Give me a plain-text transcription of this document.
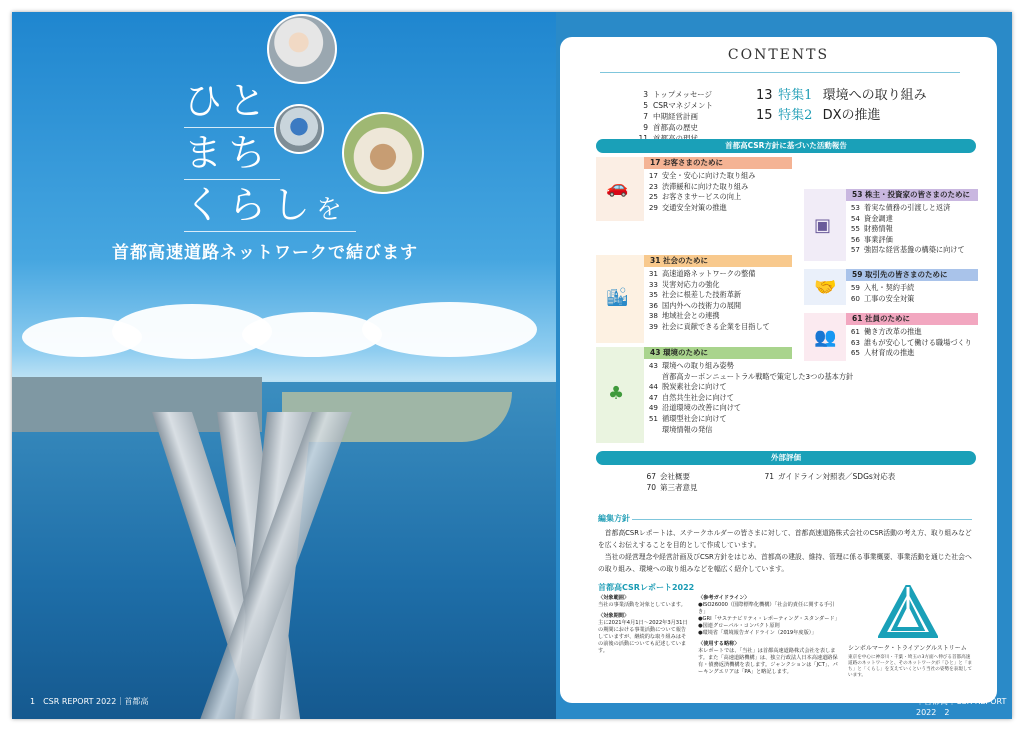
ひと
まち
くらしを
首都高速道路ネットワークで結びます
1　CSR REPORT 2022｜首都高
CONTENTS
3 トップメッセージ
5 CSRマネジメント
7 中期経営計画
9 首都高の歴史
13 特集1 環境への取り組み
15 特集2 DXの推進
首都高CSR方針に基づいた活動報告
🚗
17 お客さまのために
17 安全・安心に向けた取り組み
23 渋滞緩和に向けた取り組み
25 お客さまサービスの向上
29 交通安全対策の推進
🏙
31 社会のために
31 高速道路ネットワークの整備
33 災害対応力の強化
35 社会に根差した技術革新
36 国内外への技術力の展開
38 地域社会との連携
39 社会に貢献できる企業を目指して
♣
43 環境のために
43 環境への取り組み姿勢
首都高カーボンニュートラル戦略で策定した3つの基本方針
44 脱炭素社会に向けて
47 自然共生社会に向けて
49 沿道環境の改善に向けて
51 循環型社会に向けて
環境情報の発信
▣
53 株主・投資家の皆さまのために
53 着実な債務の引渡しと返済
54 資金調達
55 財務情報
56 事業評価
57 強固な経営基盤の構築に向けて
🤝
59 取引先の皆さまのために
59 入札・契約手続
60 工事の安全対策
👥
61 社員のために
61 働き方改革の推進
63 誰もが安心して働ける職場づくり
65 人材育成の推進
外部評価
67 会社概要
70 第三者意見
71 ガイドライン対照表／SDGs対応表
編集方針
首都高CSRレポートは、ステークホルダーの皆さまに対して、首都高速道路株式会社のCSR活動の考え方、取り組みなどを広くお伝えすることを目的として作成しています。
当社の経営理念や経営計画及びCSR方針をはじめ、首都高の建設、維持、管理に係る事業概要、事業活動を通じた社会への取り組み、環境への取り組みなどを幅広く紹介しています。
首都高CSRレポート2022
〈対象範囲〉
当社の事業活動を対象としています。
〈対象期間〉
主に2021年4月1日～2022年3月31日の期間における事業活動について報告していますが、継続的な取り組みはその前後の活動についても記述しています。
〈参考ガイドライン〉
●ISO26000（国際標準化機構）「社会的責任に関する手引き」
●GRI「サステナビリティ・レポーティング・スタンダード」
●国連グローバル・コンパクト原則
●環境省「環境報告ガイドライン（2019年度版）」
〈使用する略称〉
本レポートでは、「当社」は首都高速道路株式会社を表します。また「高速道路機構」は、独立行政法人日本高速道路保有・債務返済機構を表します。ジャンクションは「JCT」、パーキングエリアは「PA」と略記します。
シンボルマーク・トライアングルストリーム
東京を中心に神奈川・千葉・埼玉の3方面へ伸びる首都高速道路のネットワークと、そのネットワークが「ひと」と「まち」と「くらし」を支えていくという当社の姿勢を表現しています。
｜首都高｜CSR REPORT 2022　2
